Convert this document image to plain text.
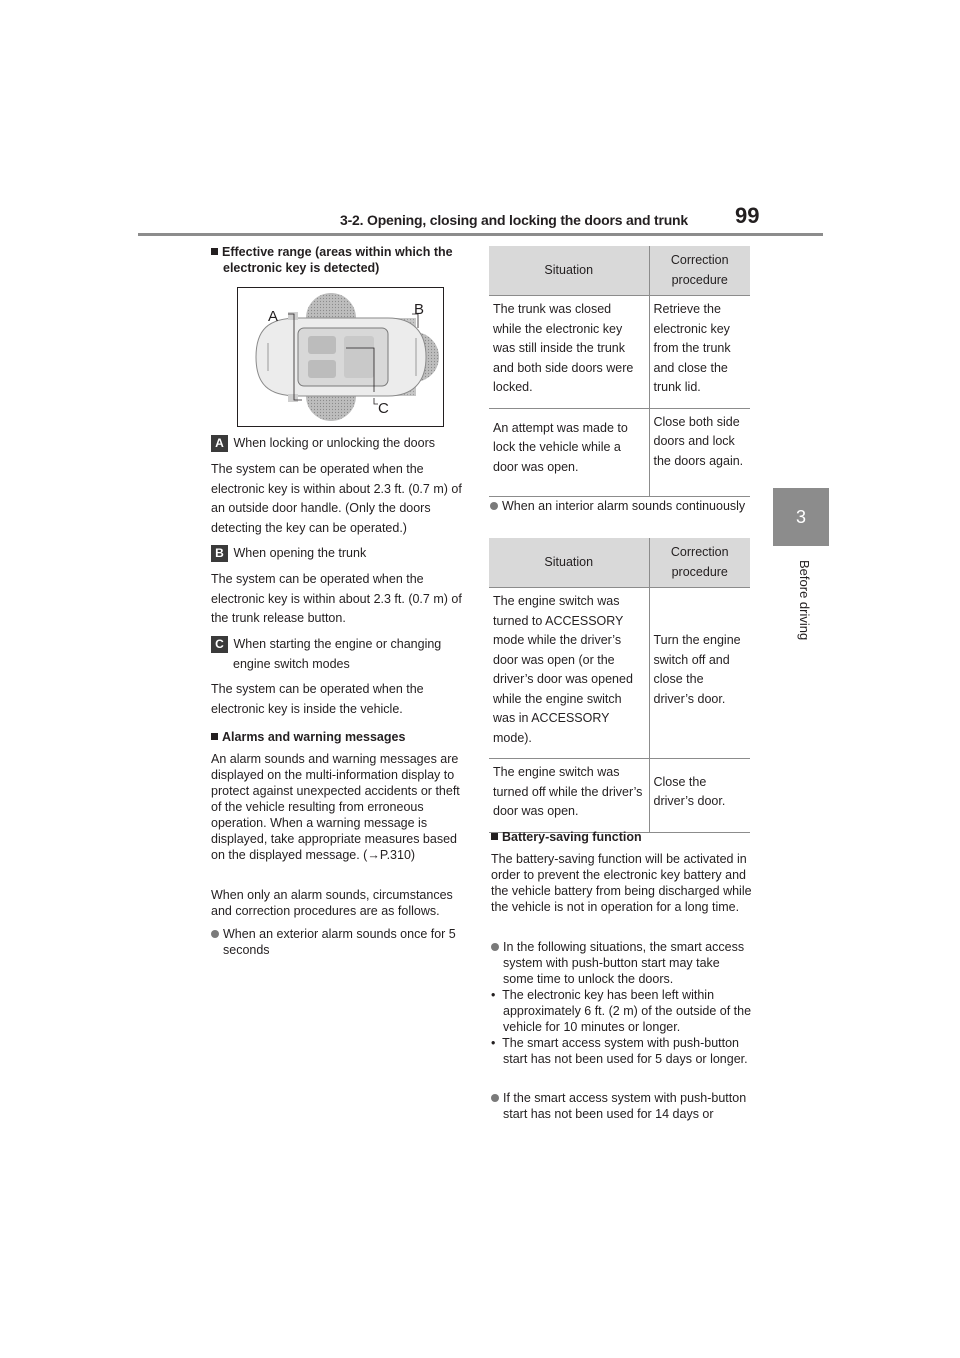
3-2. Opening, closing and locking the doors and trunk 99
3
Before driving
Effective range (areas within which the electronic key is detected)
A	B
C
A When locking or unlocking the doors
The system can be operated when the electronic key is within about 2.3 ft. (0.7 m) of an outside door handle. (Only the doors detecting the key can be operated.)
B When opening the trunk
The system can be operated when the electronic key is within about 2.3 ft. (0.7 m) of the trunk release button.
C When starting the engine or changing engine switch modes
The system can be operated when the electronic key is inside the vehicle.
Alarms and warning messages
An alarm sounds and warning messages are displayed on the multi-information display to protect against unexpected accidents or theft of the vehicle resulting from erroneous operation. When a warning message is displayed, take appropriate measures based on the displayed message. (→P.310)
When only an alarm sounds, circumstances and correction procedures are as follows.
When an exterior alarm sounds once for 5 seconds
Situation	Correction procedure
The trunk was closed while the electronic key was still inside the trunk and both side doors were locked.	Retrieve the electronic key from the trunk and close the trunk lid.
An attempt was made to lock the vehicle while a door was open.	Close both side doors and lock the doors again.
When an interior alarm sounds continuously
Situation	Correction procedure
The engine switch was turned to ACCESSORY mode while the driver’s door was open (or the driver’s door was opened while the engine switch was in ACCESSORY mode).	Turn the engine switch off and close the driver’s door.
The engine switch was turned off while the driver’s door was open.	Close the driver’s door.
Battery-saving function
The battery-saving function will be activated in order to prevent the electronic key battery and the vehicle battery from being discharged while the vehicle is not in operation for a long time.
In the following situations, the smart access system with push-button start may take some time to unlock the doors.
•  The electronic key has been left within approximately 6 ft. (2 m) of the outside of the vehicle for 10 minutes or longer.
•  The smart access system with push-button start has not been used for 5 days or longer.
If the smart access system with push-button start has not been used for 14 days or
